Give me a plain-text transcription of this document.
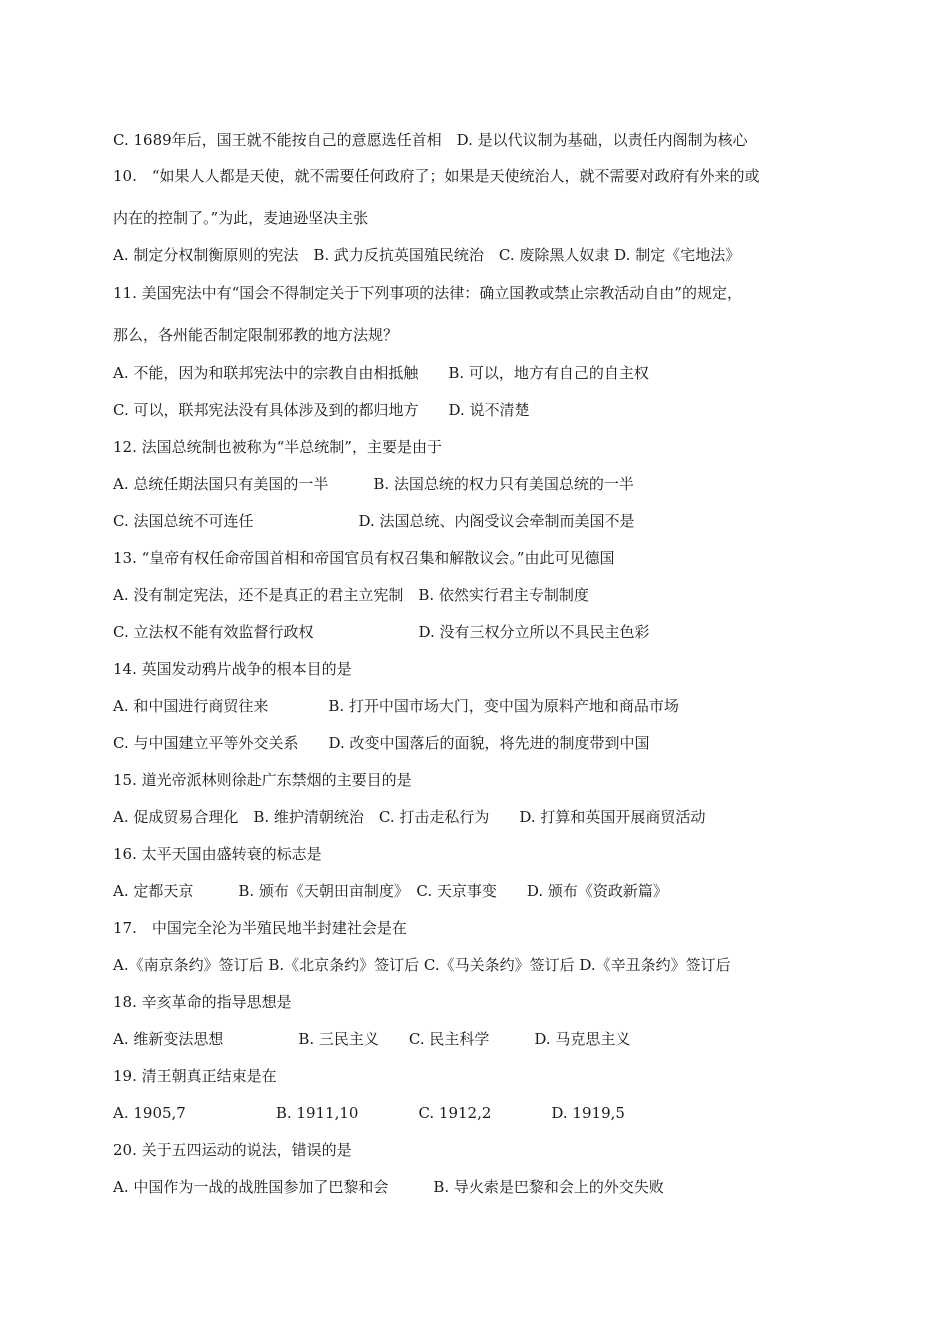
C. 1689年后，国王就不能按自己的意愿选任首相　D. 是以代议制为基础，以责任内阁制为核心
10.　“如果人人都是天使，就不需要任何政府了；如果是天使统治人，就不需要对政府有外来的或
内在的控制了。”为此，麦迪逊坚决主张
A. 制定分权制衡原则的宪法　B. 武力反抗英国殖民统治　C. 废除黑人奴隶 D. 制定《宅地法》
11. 美国宪法中有“国会不得制定关于下列事项的法律：确立国教或禁止宗教活动自由”的规定，
那么，各州能否制定限制邪教的地方法规？
A. 不能，因为和联邦宪法中的宗教自由相抵触　　B. 可以，地方有自己的自主权
C. 可以，联邦宪法没有具体涉及到的都归地方　　D. 说不清楚
12. 法国总统制也被称为“半总统制”，主要是由于
A. 总统任期法国只有美国的一半　　　B. 法国总统的权力只有美国总统的一半
C. 法国总统不可连任　　　　　　　D. 法国总统、内阁受议会牵制而美国不是
13. “皇帝有权任命帝国首相和帝国官员有权召集和解散议会。”由此可见德国
A. 没有制定宪法，还不是真正的君主立宪制　B. 依然实行君主专制制度
C. 立法权不能有效监督行政权　　　　　　　D. 没有三权分立所以不具民主色彩
14. 英国发动鸦片战争的根本目的是
A. 和中国进行商贸往来　　　　B. 打开中国市场大门，变中国为原料产地和商品市场
C. 与中国建立平等外交关系　　D. 改变中国落后的面貌，将先进的制度带到中国
15. 道光帝派林则徐赴广东禁烟的主要目的是
A. 促成贸易合理化　B. 维护清朝统治　C. 打击走私行为　　D. 打算和英国开展商贸活动
16. 太平天国由盛转衰的标志是
A. 定都天京　　　B. 颁布《天朝田亩制度》　C. 天京事变　　D. 颁布《资政新篇》
17.　中国完全沦为半殖民地半封建社会是在
A.《南京条约》签订后 B.《北京条约》签订后 C.《马关条约》签订后 D.《辛丑条约》签订后
18. 辛亥革命的指导思想是
A. 维新变法思想　　　　　B. 三民主义　　C. 民主科学　　　D. 马克思主义
19. 清王朝真正结束是在
A. 1905,7　　　　　　B. 1911,10　　　　C. 1912,2　　　　D. 1919,5
20. 关于五四运动的说法，错误的是
A. 中国作为一战的战胜国参加了巴黎和会　　　B. 导火索是巴黎和会上的外交失败
